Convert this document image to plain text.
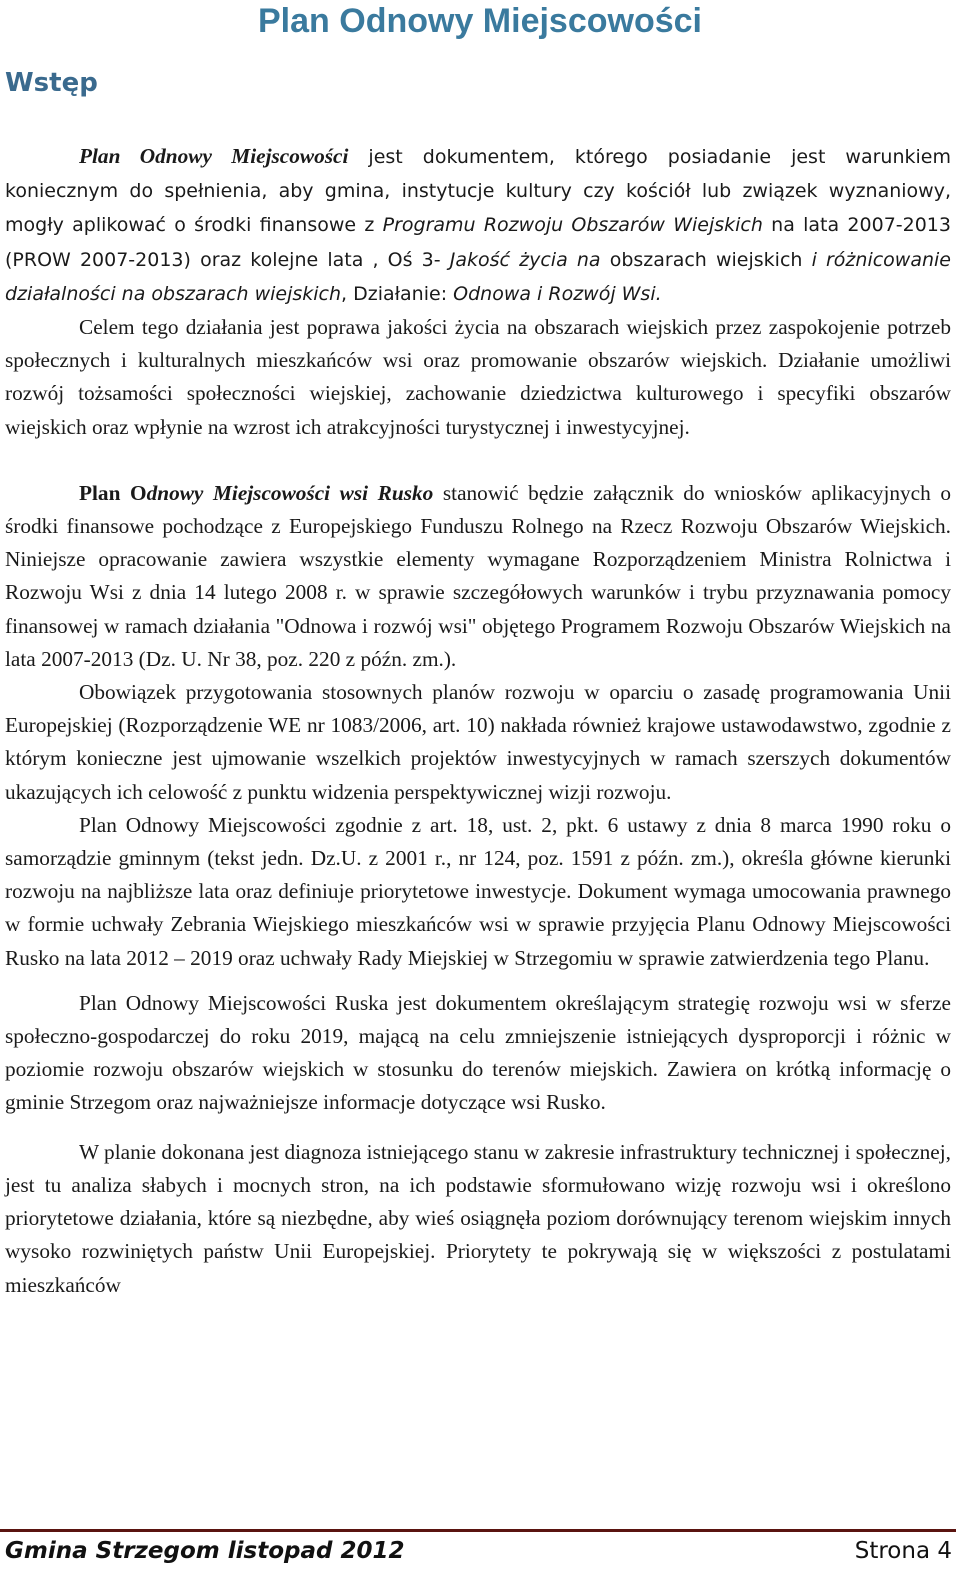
Plan Odnowy Miejscowości
Wstęp

Plan Odnowy Miejscowości jest dokumentem, którego posiadanie jest warunkiem koniecznym do spełnienia, aby gmina, instytucje kultury czy kościół lub związek wyznaniowy, mogły aplikować o środki finansowe z Programu Rozwoju Obszarów Wiejskich na lata 2007-2013 (PROW 2007-2013) oraz kolejne lata , Oś 3- Jakość życia na obszarach wiejskich i różnicowanie działalności na obszarach wiejskich, Działanie: Odnowa i Rozwój Wsi.

Celem tego działania jest poprawa jakości życia na obszarach wiejskich przez zaspokojenie potrzeb społecznych i kulturalnych mieszkańców wsi oraz promowanie obszarów wiejskich. Działanie umożliwi rozwój tożsamości społeczności wiejskiej, zachowanie dziedzictwa kulturowego i specyfiki obszarów wiejskich oraz wpłynie na wzrost ich atrakcyjności turystycznej i inwestycyjnej.

Plan Odnowy Miejscowości wsi Rusko stanowić będzie załącznik do wniosków aplikacyjnych o środki finansowe pochodzące z Europejskiego Funduszu Rolnego na Rzecz Rozwoju Obszarów Wiejskich. Niniejsze opracowanie zawiera wszystkie elementy wymagane Rozporządzeniem Ministra Rolnictwa i Rozwoju Wsi z dnia 14 lutego 2008 r. w sprawie szczegółowych warunków i trybu przyznawania pomocy finansowej w ramach działania "Odnowa i rozwój wsi" objętego Programem Rozwoju Obszarów Wiejskich na lata 2007-2013 (Dz. U. Nr 38, poz. 220 z późn. zm.).

Obowiązek przygotowania stosownych planów rozwoju w oparciu o zasadę programowania Unii Europejskiej (Rozporządzenie WE nr 1083/2006, art. 10) nakłada również krajowe ustawodawstwo, zgodnie z którym konieczne jest ujmowanie wszelkich projektów inwestycyjnych w ramach szerszych dokumentów ukazujących ich celowość z punktu widzenia perspektywicznej wizji rozwoju.

Plan Odnowy Miejscowości zgodnie z art. 18, ust. 2, pkt. 6 ustawy z dnia 8 marca 1990 roku o samorządzie gminnym (tekst jedn. Dz.U. z 2001 r., nr 124, poz. 1591 z późn. zm.), określa główne kierunki rozwoju na najbliższe lata oraz definiuje priorytetowe inwestycje. Dokument wymaga umocowania prawnego w formie uchwały Zebrania Wiejskiego mieszkańców wsi w sprawie przyjęcia Planu Odnowy Miejscowości Rusko na lata 2012 – 2019 oraz uchwały Rady Miejskiej w Strzegomiu w sprawie zatwierdzenia tego Planu.

Plan Odnowy Miejscowości Ruska jest dokumentem określającym strategię rozwoju wsi w sferze społeczno-gospodarczej do roku 2019, mającą na celu zmniejszenie istniejących dysproporcji i różnic w poziomie rozwoju obszarów wiejskich w stosunku do terenów miejskich. Zawiera on krótką informację o gminie Strzegom oraz najważniejsze informacje dotyczące wsi Rusko.

W planie dokonana jest diagnoza istniejącego stanu w zakresie infrastruktury technicznej i społecznej, jest tu analiza słabych i mocnych stron, na ich podstawie sformułowano wizję rozwoju wsi i określono priorytetowe działania, które są niezbędne, aby wieś osiągnęła poziom dorównujący terenom wiejskim innych wysoko rozwiniętych państw Unii Europejskiej. Priorytety te pokrywają się w większości z postulatami mieszkańców

Gmina Strzegom listopad 2012	Strona 4
